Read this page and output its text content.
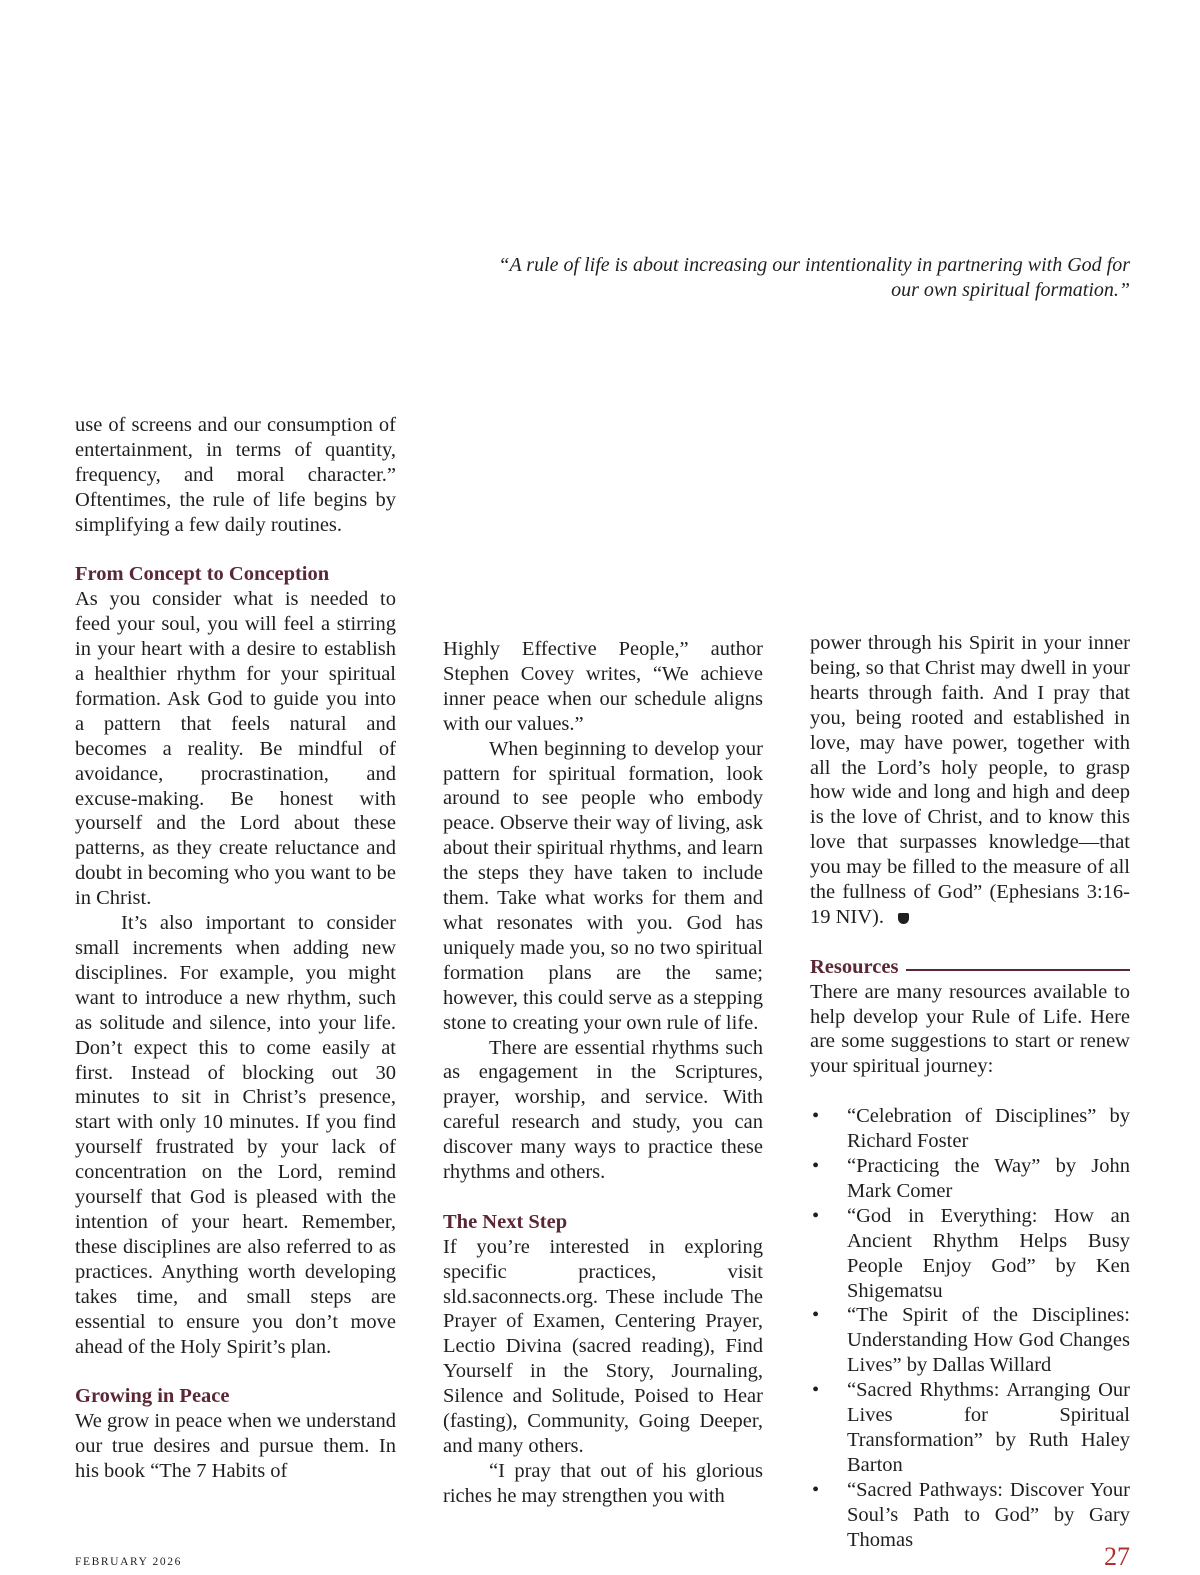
“A rule of life is about increasing our intentionality in partnering with God for
our own spiritual formation.”

use of screens and our consumption of entertainment, in terms of quantity, frequency, and moral character.” Oftentimes, the rule of life begins by simplifying a few daily routines.

From Concept to Conception

As you consider what is needed to feed your soul, you will feel a stirring in your heart with a desire to establish a healthier rhythm for your spiritual formation. Ask God to guide you into a pattern that feels natural and becomes a reality. Be mindful of avoidance, procrastination, and excuse-making. Be honest with yourself and the Lord about these patterns, as they create reluctance and doubt in becoming who you want to be in Christ.

It’s also important to consider small increments when adding new disciplines. For example, you might want to introduce a new rhythm, such as solitude and silence, into your life. Don’t expect this to come easily at first. Instead of blocking out 30 minutes to sit in Christ’s presence, start with only 10 minutes. If you find yourself frustrated by your lack of concentration on the Lord, remind yourself that God is pleased with the intention of your heart. Remember, these disciplines are also referred to as practices. Anything worth developing takes time, and small steps are essential to ensure you don’t move ahead of the Holy Spirit’s plan.

Growing in Peace

We grow in peace when we understand our true desires and pursue them. In his book “The 7 Habits of

Highly Effective People,” author Stephen Covey writes, “We achieve inner peace when our schedule aligns with our values.”

When beginning to develop your pattern for spiritual formation, look around to see people who embody peace. Observe their way of living, ask about their spiritual rhythms, and learn the steps they have taken to include them. Take what works for them and what resonates with you. God has uniquely made you, so no two spiritual formation plans are the same; however, this could serve as a stepping stone to creating your own rule of life.

There are essential rhythms such as engagement in the Scriptures, prayer, worship, and service. With careful research and study, you can discover many ways to practice these rhythms and others.

The Next Step

If you’re interested in exploring specific practices, visit sld.saconnects.org. These include The Prayer of Examen, Centering Prayer, Lectio Divina (sacred reading), Find Yourself in the Story, Journaling, Silence and Solitude, Poised to Hear (fasting), Community, Going Deeper, and many others.

“I pray that out of his glorious riches he may strengthen you with

power through his Spirit in your inner being, so that Christ may dwell in your hearts through faith. And I pray that you, being rooted and established in love, may have power, together with all the Lord’s holy people, to grasp how wide and long and high and deep is the love of Christ, and to know this love that surpasses knowledge—that you may be filled to the measure of all the fullness of God” (Ephesians 3:16-19 NIV).

Resources

There are many resources available to help develop your Rule of Life. Here are some suggestions to start or renew your spiritual journey:

• “Celebration of Disciplines” by Richard Foster
• “Practicing the Way” by John Mark Comer
• “God in Everything: How an Ancient Rhythm Helps Busy People Enjoy God” by Ken Shigematsu
• “The Spirit of the Disciplines: Understanding How God Changes Lives” by Dallas Willard
• “Sacred Rhythms: Arranging Our Lives for Spiritual Transformation” by Ruth Haley Barton
• “Sacred Pathways: Discover Your Soul’s Path to God” by Gary Thomas
FEBRUARY 2026	27
